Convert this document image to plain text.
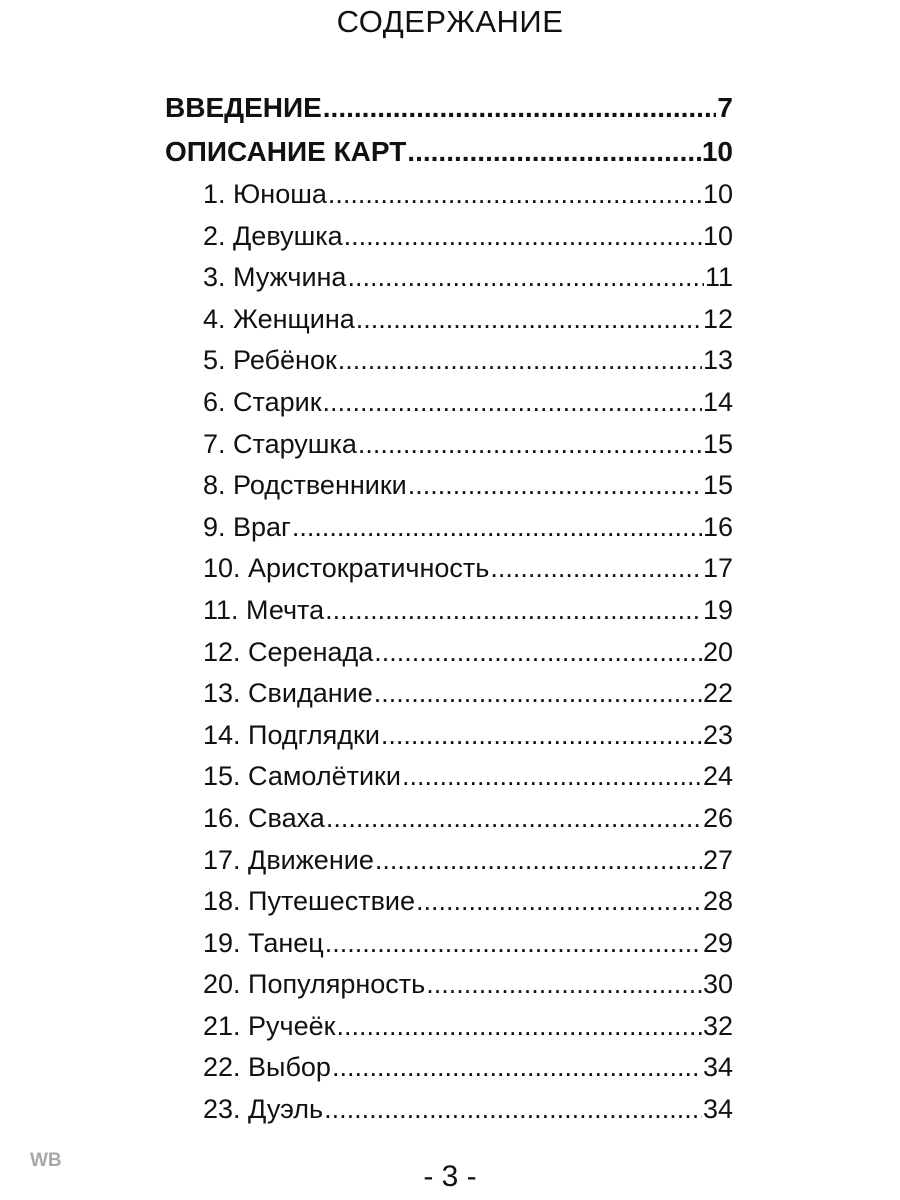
СОДЕРЖАНИЕ
ВВЕДЕНИЕ .....	7
ОПИСАНИЕ КАРТ .....	10
1. Юноша .....	10
2. Девушка .....	10
3. Мужчина .....	11
4. Женщина .....	12
5. Ребёнок .....	13
6. Старик .....	14
7. Старушка .....	15
8. Родственники .....	15
9. Враг .....	16
10. Аристократичность .....	17
11. Мечта .....	19
12. Серенада .....	20
13. Свидание .....	22
14. Подглядки .....	23
15. Самолётики .....	24
16. Сваха .....	26
17. Движение .....	27
18. Путешествие .....	28
19. Танец .....	29
20. Популярность .....	30
21. Ручеёк .....	32
22. Выбор .....	34
23. Дуэль .....	34
WB	- 3 -
